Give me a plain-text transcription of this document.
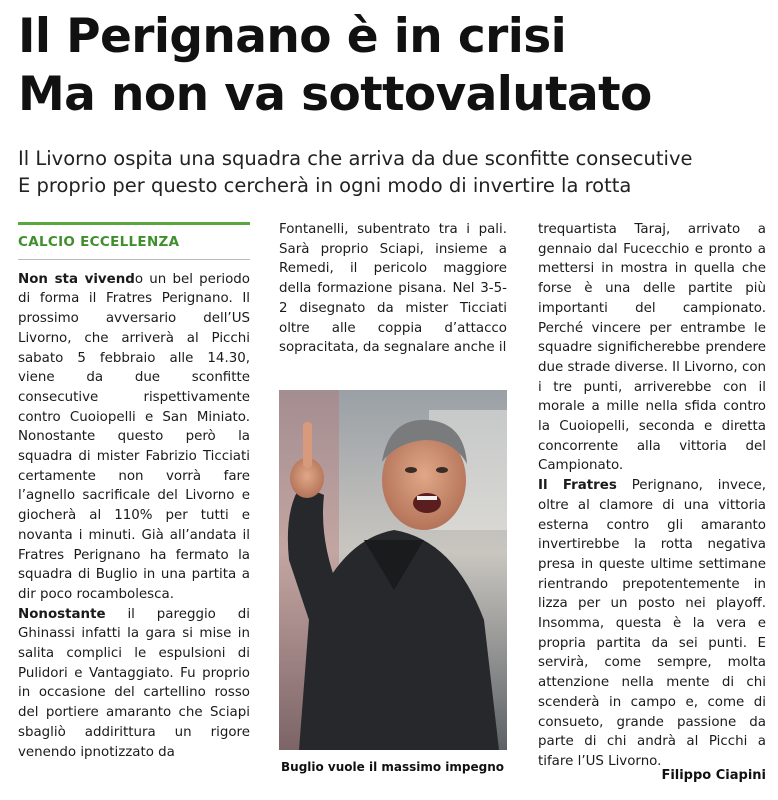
Il Perignano è in crisi
Ma non va sottovalutato
Il Livorno ospita una squadra che arriva da due sconfitte consecutive
E proprio per questo cercherà in ogni modo di invertire la rotta
CALCIO ECCELLENZA

Non sta vivendo un bel periodo di forma il Fratres Perignano. Il prossimo avversario dell’US Livorno, che arriverà al Picchi sabato 5 febbraio alle 14.30, viene da due sconfitte consecutive rispettivamente contro Cuoiopelli e San Miniato. Nonostante questo però la squadra di mister Fabrizio Ticciati certamente non vorrà fare l’agnello sacrificale del Livorno e giocherà al 110% per tutti e novanta i minuti. Già all’andata il Fratres Perignano ha fermato la squadra di Buglio in una partita a dir poco rocambolesca.

Nonostante il pareggio di Ghinassi infatti la gara si mise in salita complici le espulsioni di Pulidori e Vantaggiato. Fu proprio in occasione del cartellino rosso del portiere amaranto che Sciapi sbagliò addirittura un rigore venendo ipnotizzato da

Fontanelli, subentrato tra i pali. Sarà proprio Sciapi, insieme a Remedi, il pericolo maggiore della formazione pisana. Nel 3-5-2 disegnato da mister Ticciati oltre alle coppia d’attacco sopracitata, da segnalare anche il

Buglio vuole il massimo impegno

trequartista Taraj, arrivato a gennaio dal Fucecchio e pronto a mettersi in mostra in quella che forse è una delle partite più importanti del campionato. Perché vincere per entrambe le squadre significherebbe prendere due strade diverse. Il Livorno, con i tre punti, arriverebbe con il morale a mille nella sfida contro la Cuoiopelli, seconda e diretta concorrente alla vittoria del Campionato.

Il Fratres Perignano, invece, oltre al clamore di una vittoria esterna contro gli amaranto invertirebbe la rotta negativa presa in queste ultime settimane rientrando prepotentemente in lizza per un posto nei playoff. Insomma, questa è la vera e propria partita da sei punti. E servirà, come sempre, molta attenzione nella mente di chi scenderà in campo e, come di consueto, grande passione da parte di chi andrà al Picchi a tifare l’US Livorno.

Filippo Ciapini
